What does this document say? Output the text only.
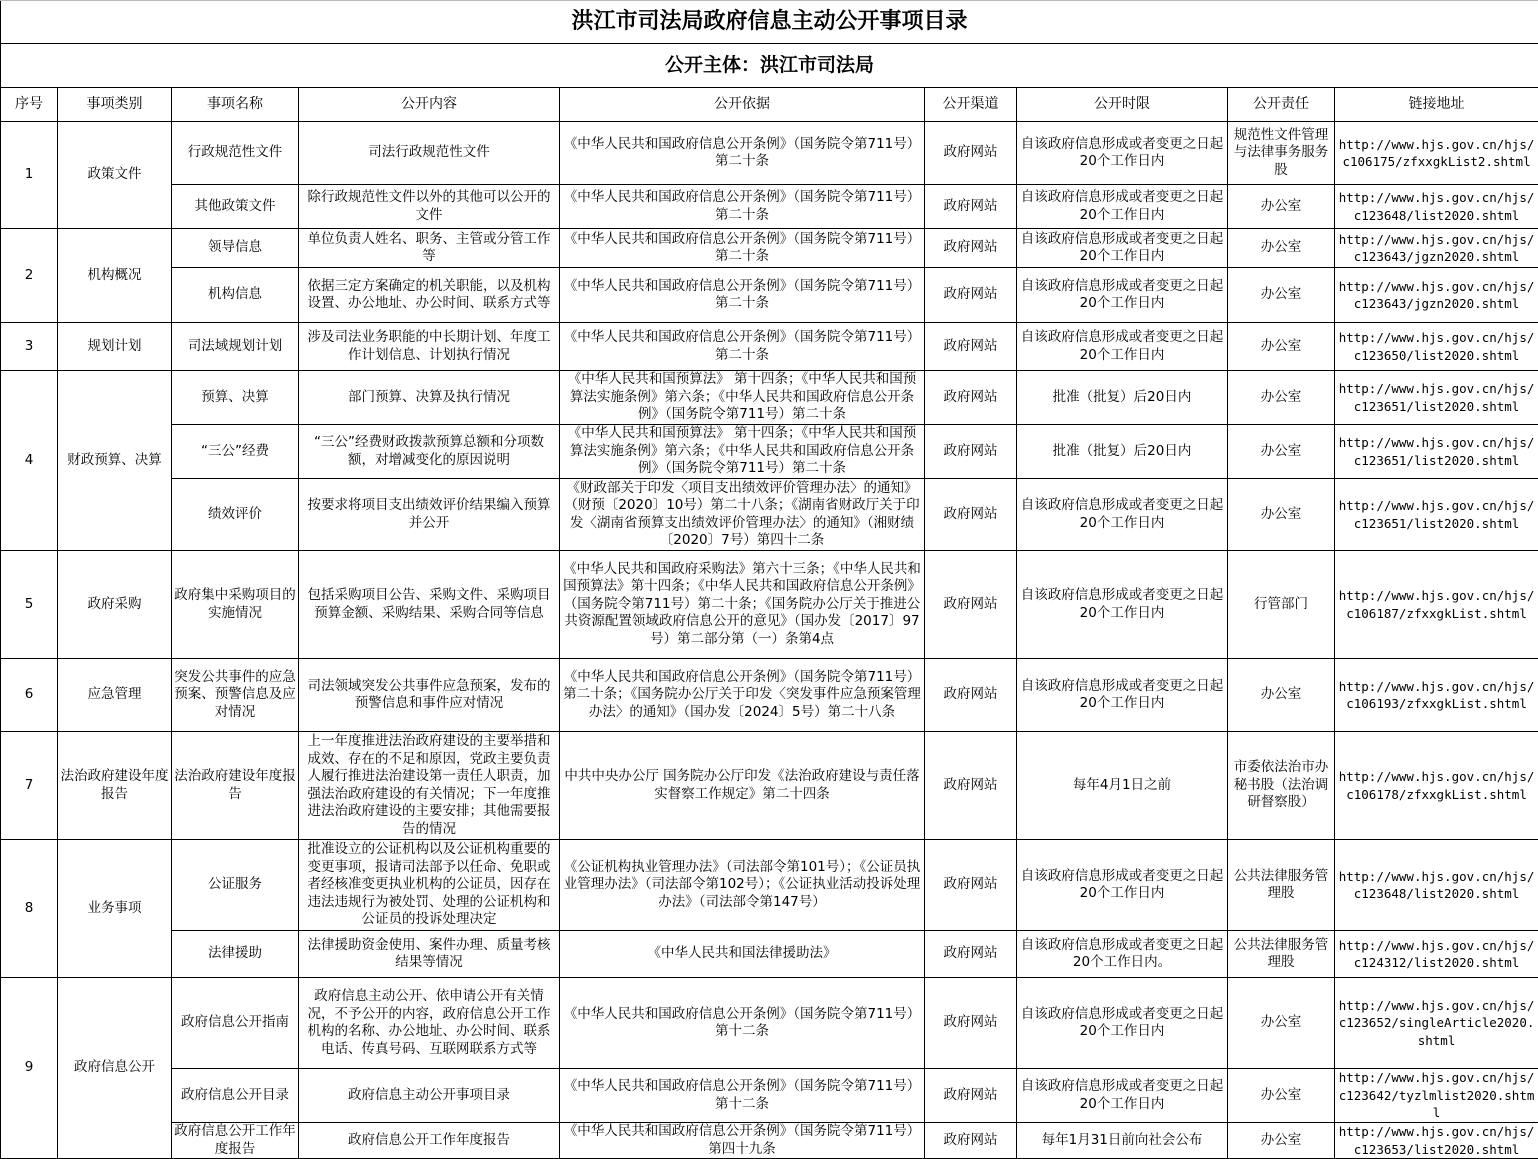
洪江市司法局政府信息主动公开事项目录								
公开主体：洪江市司法局								
序号	事项类别	事项名称	公开内容	公开依据	公开渠道	公开时限	公开责任	链接地址
1	政策文件	行政规范性文件	司法行政规范性文件	《中华人民共和国政府信息公开条例》（国务院令第711号）第二十条	政府网站	自该政府信息形成或者变更之日起20个工作日内	规范性文件管理与法律事务服务股	http://www.hjs.gov.cn/hjs/c106175/zfxxgkList2.shtml
		其他政策文件	除行政规范性文件以外的其他可以公开的文件	《中华人民共和国政府信息公开条例》（国务院令第711号）第二十条	政府网站	自该政府信息形成或者变更之日起20个工作日内	办公室	http://www.hjs.gov.cn/hjs/c123648/list2020.shtml
2	机构概况	领导信息	单位负责人姓名、职务、主管或分管工作等	《中华人民共和国政府信息公开条例》（国务院令第711号）第二十条	政府网站	自该政府信息形成或者变更之日起20个工作日内	办公室	http://www.hjs.gov.cn/hjs/c123643/jgzn2020.shtml
		机构信息	依据三定方案确定的机关职能，以及机构设置、办公地址、办公时间、联系方式等	《中华人民共和国政府信息公开条例》（国务院令第711号）第二十条	政府网站	自该政府信息形成或者变更之日起20个工作日内	办公室	http://www.hjs.gov.cn/hjs/c123643/jgzn2020.shtml
3	规划计划	司法域规划计划	涉及司法业务职能的中长期计划、年度工作计划信息、计划执行情况	《中华人民共和国政府信息公开条例》（国务院令第711号）第二十条	政府网站	自该政府信息形成或者变更之日起20个工作日内	办公室	http://www.hjs.gov.cn/hjs/c123650/list2020.shtml
4	财政预算、决算	预算、决算	部门预算、决算及执行情况	《中华人民共和国预算法》 第十四条；《中华人民共和国预算法实施条例》第六条；《中华人民共和国政府信息公开条例》（国务院令第711号）第二十条	政府网站	批准（批复）后20日内	办公室	http://www.hjs.gov.cn/hjs/c123651/list2020.shtml
		“三公”经费	“三公”经费财政拨款预算总额和分项数额，对增减变化的原因说明	《中华人民共和国预算法》 第十四条；《中华人民共和国预算法实施条例》第六条；《中华人民共和国政府信息公开条例》（国务院令第711号）第二十条	政府网站	批准（批复）后20日内	办公室	http://www.hjs.gov.cn/hjs/c123651/list2020.shtml
		绩效评价	按要求将项目支出绩效评价结果编入预算并公开	《财政部关于印发〈项目支出绩效评价管理办法〉的通知》（财预〔2020〕10号）第二十八条；《湖南省财政厅关于印发〈湖南省预算支出绩效评价管理办法〉的通知》（湘财绩〔2020〕7号）第四十二条	政府网站	自该政府信息形成或者变更之日起20个工作日内	办公室	http://www.hjs.gov.cn/hjs/c123651/list2020.shtml
5	政府采购	政府集中采购项目的实施情况	包括采购项目公告、采购文件、采购项目预算金额、采购结果、采购合同等信息	《中华人民共和国政府采购法》第六十三条；《中华人民共和国预算法》第十四条；《中华人民共和国政府信息公开条例》（国务院令第711号）第二十条；《国务院办公厅关于推进公共资源配置领域政府信息公开的意见》（国办发〔2017〕97号）第二部分第（一）条第4点	政府网站	自该政府信息形成或者变更之日起20个工作日内	行管部门	http://www.hjs.gov.cn/hjs/c106187/zfxxgkList.shtml
6	应急管理	突发公共事件的应急预案、预警信息及应对情况	司法领域突发公共事件应急预案，发布的预警信息和事件应对情况	《中华人民共和国政府信息公开条例》（国务院令第711号）第二十条；《国务院办公厅关于印发〈突发事件应急预案管理办法〉的通知》（国办发〔2024〕5号）第二十八条	政府网站	自该政府信息形成或者变更之日起20个工作日内	办公室	http://www.hjs.gov.cn/hjs/c106193/zfxxgkList.shtml
7	法治政府建设年度报告	法治政府建设年度报告	上一年度推进法治政府建设的主要举措和成效、存在的不足和原因，党政主要负责人履行推进法治建设第一责任人职责，加强法治政府建设的有关情况；下一年度推进法治政府建设的主要安排；其他需要报告的情况	中共中央办公厅 国务院办公厅印发《法治政府建设与责任落实督察工作规定》第二十四条	政府网站	每年4月1日之前	市委依法治市办秘书股（法治调研督察股）	http://www.hjs.gov.cn/hjs/c106178/zfxxgkList.shtml
8	业务事项	公证服务	批准设立的公证机构以及公证机构重要的变更事项，报请司法部予以任命、免职或者经核准变更执业机构的公证员，因存在违法违规行为被处罚、处理的公证机构和公证员的投诉处理决定	《公证机构执业管理办法》（司法部令第101号）；《公证员执业管理办法》（司法部令第102号）；《公证执业活动投诉处理办法》（司法部令第147号）	政府网站	自该政府信息形成或者变更之日起20个工作日内	公共法律服务管理股	http://www.hjs.gov.cn/hjs/c123648/list2020.shtml
		法律援助	法律援助资金使用、案件办理、质量考核结果等情况	《中华人民共和国法律援助法》	政府网站	自该政府信息形成或者变更之日起20个工作日内。	公共法律服务管理股	http://www.hjs.gov.cn/hjs/c124312/list2020.shtml
9	政府信息公开	政府信息公开指南	政府信息主动公开、依申请公开有关情况，不予公开的内容，政府信息公开工作机构的名称、办公地址、办公时间、联系电话、传真号码、互联网联系方式等	《中华人民共和国政府信息公开条例》（国务院令第711号）第十二条	政府网站	自该政府信息形成或者变更之日起20个工作日内	办公室	http://www.hjs.gov.cn/hjs/c123652/singleArticle2020.shtml
		政府信息公开目录	政府信息主动公开事项目录	《中华人民共和国政府信息公开条例》（国务院令第711号）第十二条	政府网站	自该政府信息形成或者变更之日起20个工作日内	办公室	http://www.hjs.gov.cn/hjs/c123642/tyzlmlist2020.shtml
		政府信息公开工作年度报告	政府信息公开工作年度报告	《中华人民共和国政府信息公开条例》（国务院令第711号）第四十九条	政府网站	每年1月31日前向社会公布	办公室	http://www.hjs.gov.cn/hjs/c123653/list2020.shtml
